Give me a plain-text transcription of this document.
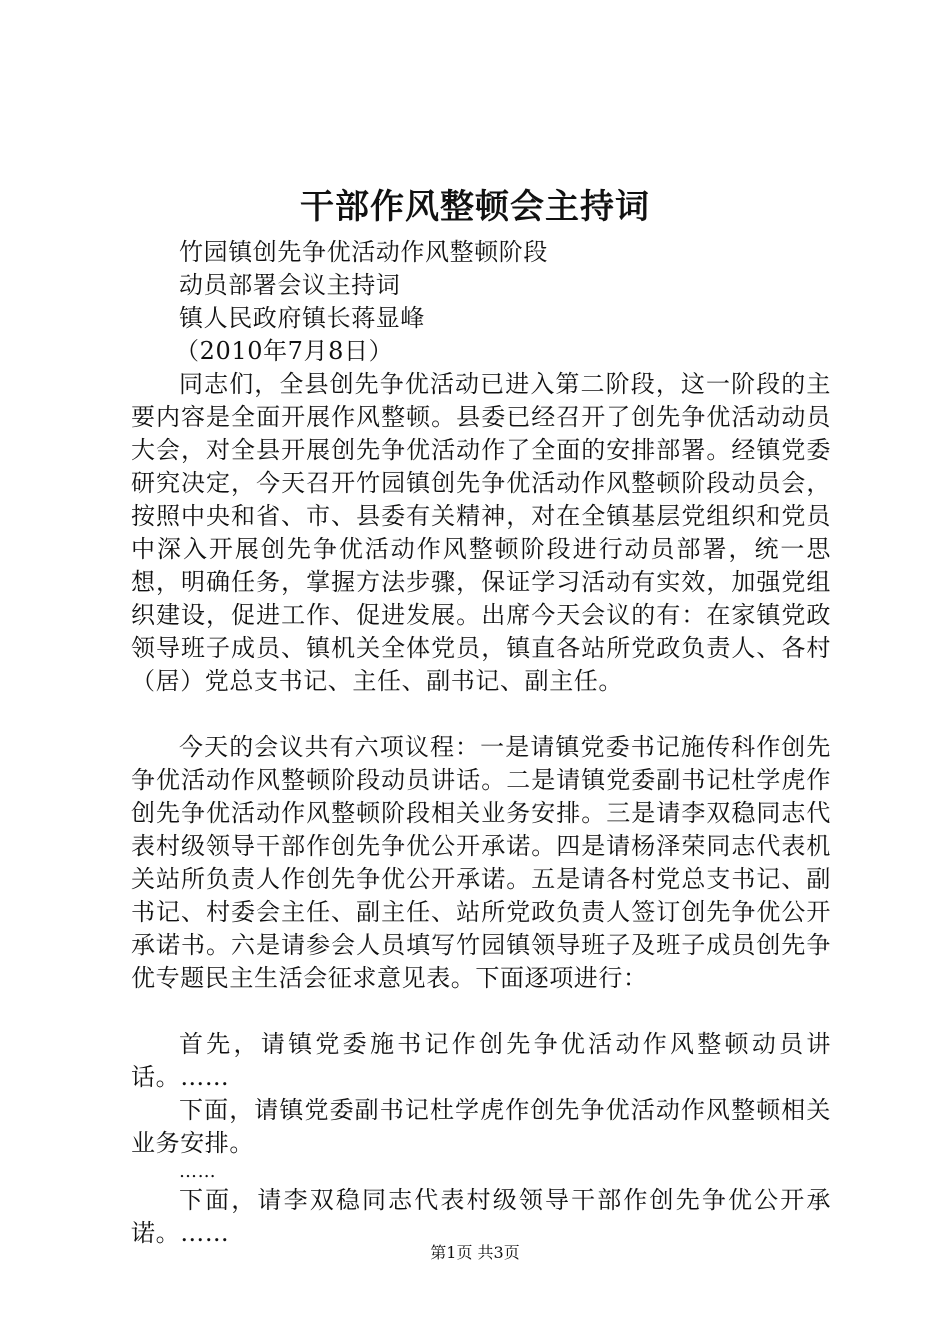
干部作风整顿会主持词

竹园镇创先争优活动作风整顿阶段

动员部署会议主持词

镇人民政府镇长蒋显峰

（2010年7月8日）

同志们，全县创先争优活动已进入第二阶段，这一阶段的主要内容是全面开展作风整顿。县委已经召开了创先争优活动动员大会，对全县开展创先争优活动作了全面的安排部署。经镇党委研究决定，今天召开竹园镇创先争优活动作风整顿阶段动员会，按照中央和省、市、县委有关精神，对在全镇基层党组织和党员中深入开展创先争优活动作风整顿阶段进行动员部署，统一思想，明确任务，掌握方法步骤，保证学习活动有实效，加强党组织建设，促进工作、促进发展。出席今天会议的有：在家镇党政领导班子成员、镇机关全体党员，镇直各站所党政负责人、各村（居）党总支书记、主任、副书记、副主任。

今天的会议共有六项议程：一是请镇党委书记施传科作创先争优活动作风整顿阶段动员讲话。二是请镇党委副书记杜学虎作创先争优活动作风整顿阶段相关业务安排。三是请李双稳同志代表村级领导干部作创先争优公开承诺。四是请杨泽荣同志代表机关站所负责人作创先争优公开承诺。五是请各村党总支书记、副书记、村委会主任、副主任、站所党政负责人签订创先争优公开承诺书。六是请参会人员填写竹园镇领导班子及班子成员创先争优专题民主生活会征求意见表。下面逐项进行：

首先，请镇党委施书记作创先争优活动作风整顿动员讲话。……

下面，请镇党委副书记杜学虎作创先争优活动作风整顿相关业务安排。

……

下面，请李双稳同志代表村级领导干部作创先争优公开承诺。……

第1页 共3页
